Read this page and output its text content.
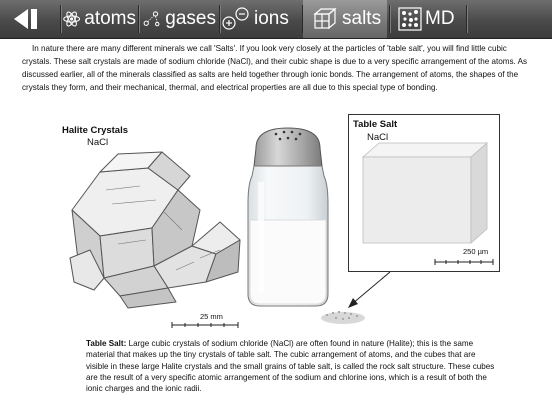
atoms gases ions	salts MD

In nature there are many different minerals we call 'Salts'. If you look very closely at the particles of 'table salt', you will find little cubic crystals. These salt crystals are made of sodium chloride (NaCl), and their cubic shape is due to a very specific arrangement of the atoms. As discussed earlier, all of the minerals classified as salts are held together through ionic bonds. The arrangement of atoms, the shapes of the crystals they form, and their mechanical, thermal, and electrical properties are all due to this special type of bonding.

Halite Crystals
NaCl
25 mm
Table Salt
NaCl
250 µm

Table Salt: Large cubic crystals of sodium chloride (NaCl) are often found in nature (Halite); this is the same material that makes up the tiny crystals of table salt. The cubic arrangement of atoms, and the cubes that are visible in these large Halite crystals and the small grains of table salt, is called the rock salt structure. These cubes are the result of a very specific atomic arrangement of the sodium and chlorine ions, which is a result of both the ionic charges and the ionic radii.
